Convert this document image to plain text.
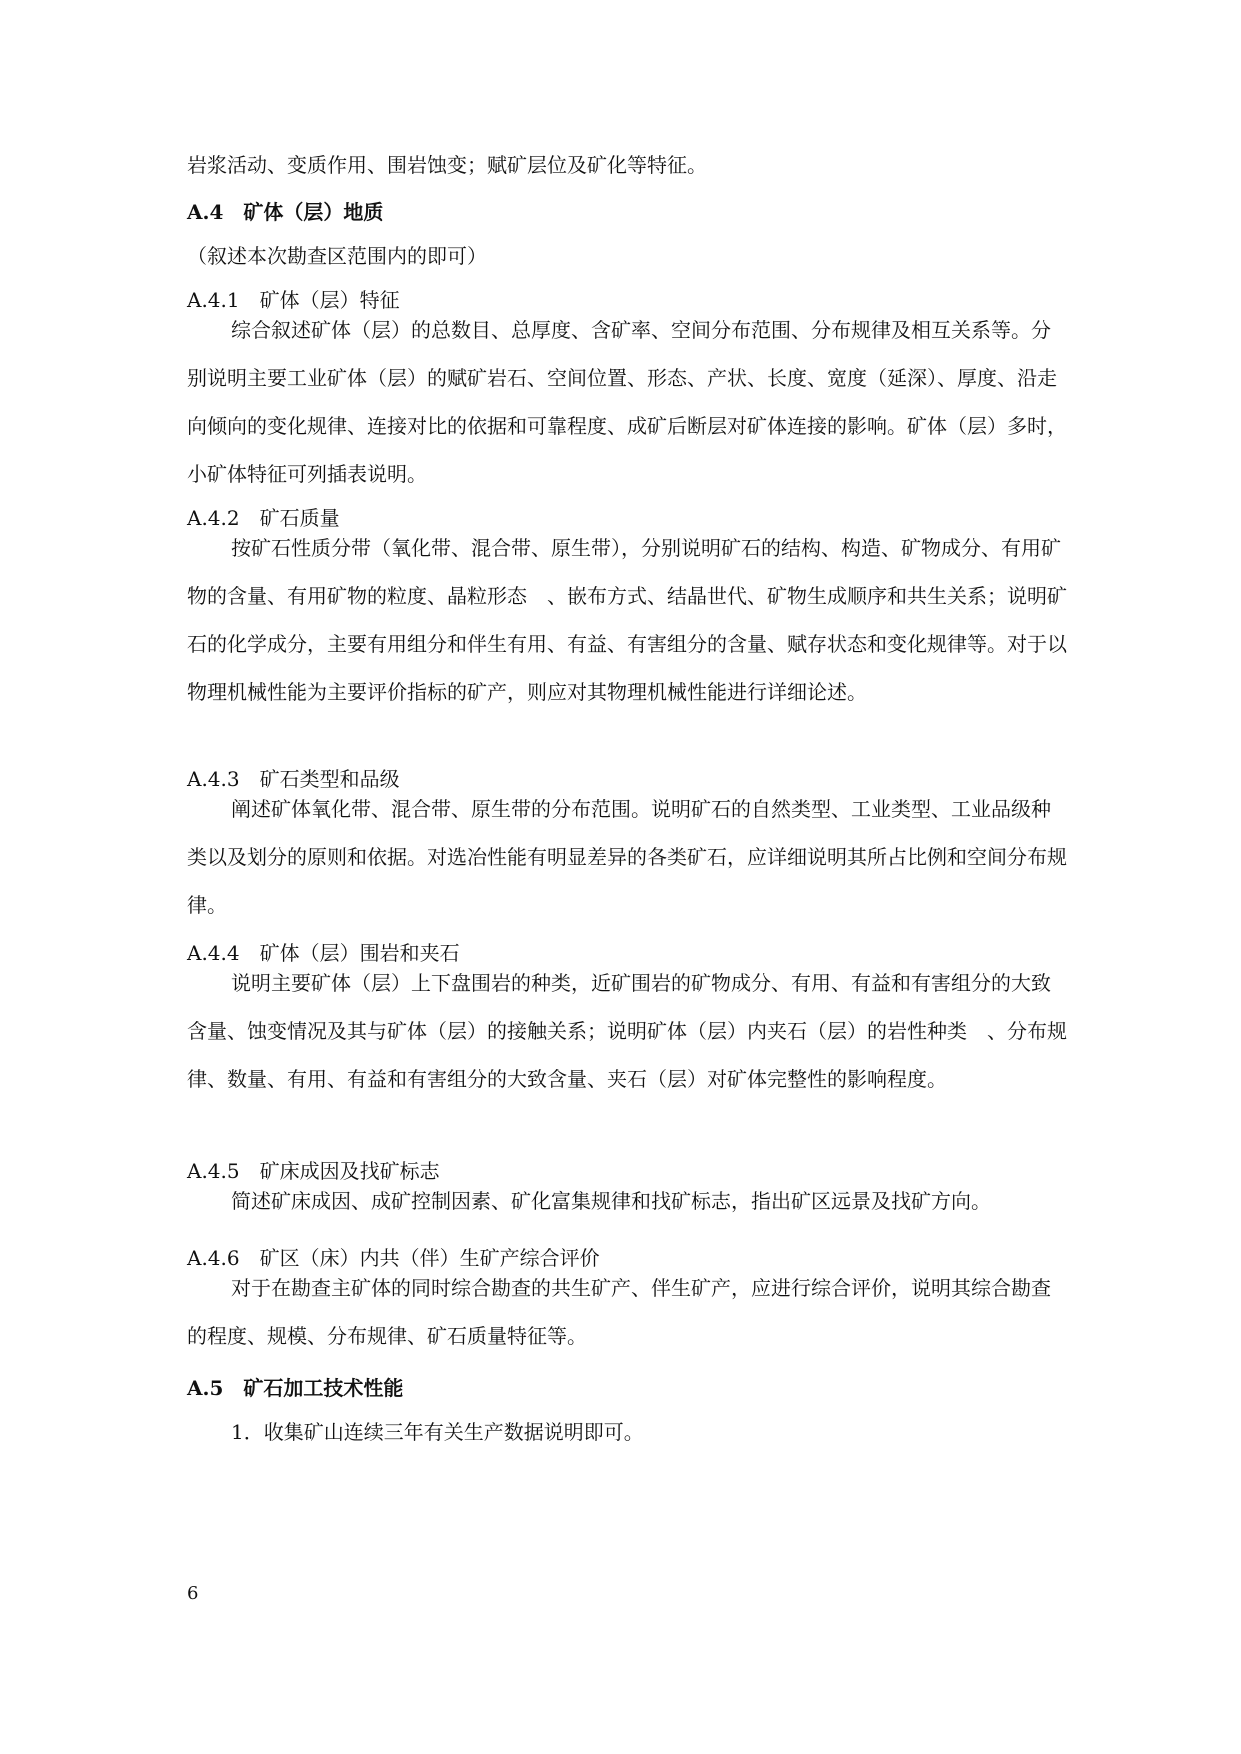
岩浆活动、变质作用、围岩蚀变；赋矿层位及矿化等特征。
A.4　矿体（层）地质
（叙述本次勘查区范围内的即可）
A.4.1　矿体（层）特征
综合叙述矿体（层）的总数目、总厚度、含矿率、空间分布范围、分布规律及相互关系等。分别说明主要工业矿体（层）的赋矿岩石、空间位置、形态、产状、长度、宽度（延深）、厚度、沿走向倾向的变化规律、连接对比的依据和可靠程度、成矿后断层对矿体连接的影响。矿体（层）多时，小矿体特征可列插表说明。
A.4.2　矿石质量
按矿石性质分带（氧化带、混合带、原生带），分别说明矿石的结构、构造、矿物成分、有用矿物的含量、有用矿物的粒度、晶粒形态　、嵌布方式、结晶世代、矿物生成顺序和共生关系；说明矿石的化学成分，主要有用组分和伴生有用、有益、有害组分的含量、赋存状态和变化规律等。对于以物理机械性能为主要评价指标的矿产，则应对其物理机械性能进行详细论述。
A.4.3　矿石类型和品级
阐述矿体氧化带、混合带、原生带的分布范围。说明矿石的自然类型、工业类型、工业品级种类以及划分的原则和依据。对选冶性能有明显差异的各类矿石，应详细说明其所占比例和空间分布规律。
A.4.4　矿体（层）围岩和夹石
说明主要矿体（层）上下盘围岩的种类，近矿围岩的矿物成分、有用、有益和有害组分的大致含量、蚀变情况及其与矿体（层）的接触关系；说明矿体（层）内夹石（层）的岩性种类　、分布规律、数量、有用、有益和有害组分的大致含量、夹石（层）对矿体完整性的影响程度。
A.4.5　矿床成因及找矿标志
简述矿床成因、成矿控制因素、矿化富集规律和找矿标志，指出矿区远景及找矿方向。
A.4.6　矿区（床）内共（伴）生矿产综合评价
对于在勘查主矿体的同时综合勘查的共生矿产、伴生矿产，应进行综合评价，说明其综合勘查的程度、规模、分布规律、矿石质量特征等。
A.5　矿石加工技术性能
1．收集矿山连续三年有关生产数据说明即可。
6
